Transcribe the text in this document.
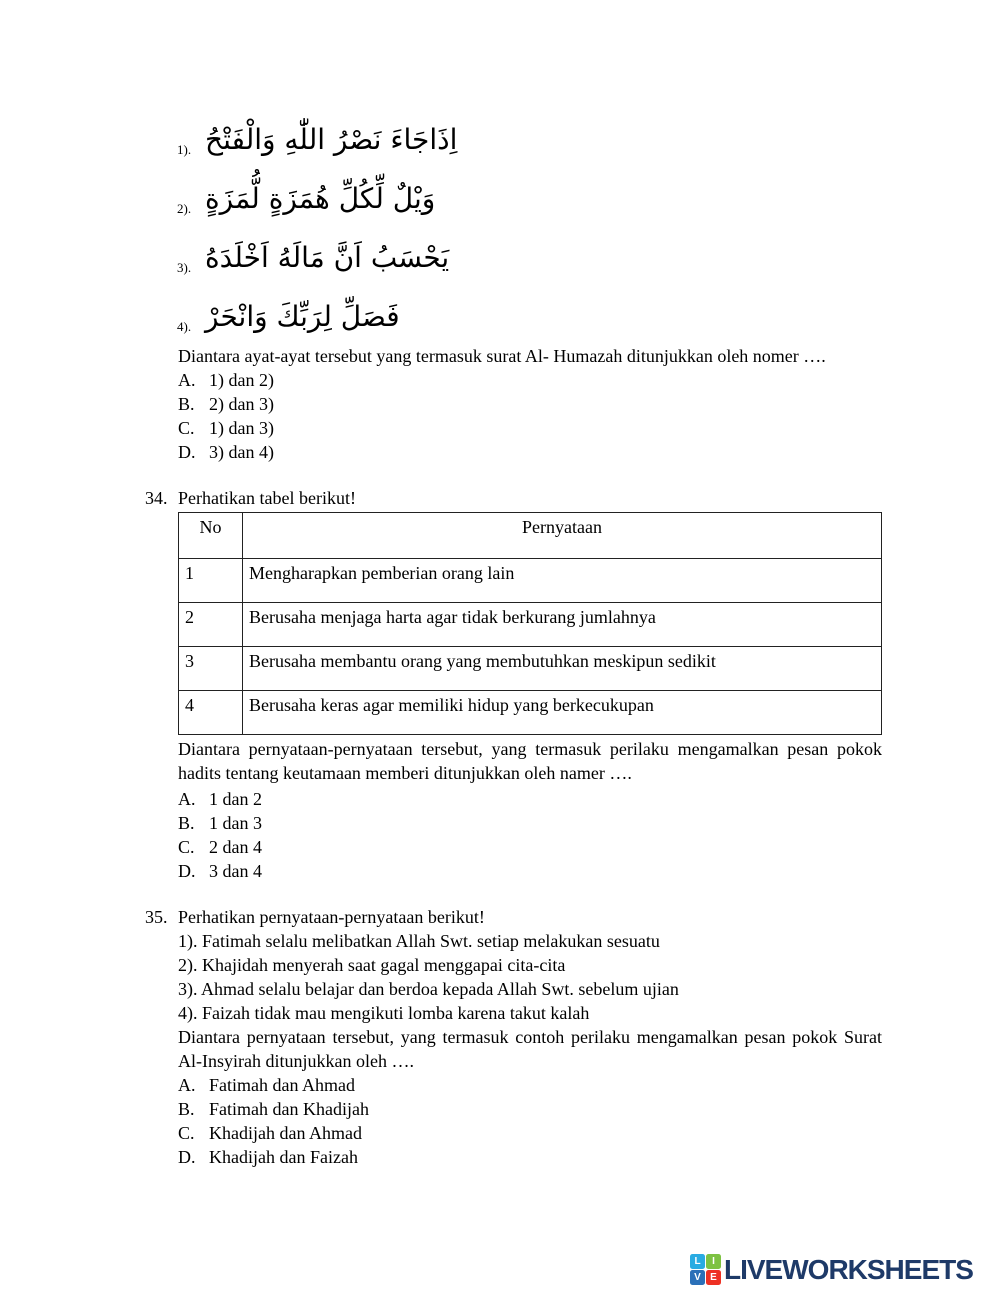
1). اِذَاجَاءَ نَصْرُ اللّٰهِ وَالْفَتْحُ
2). وَيْلٌ لِّكُلِّ هُمَزَةٍ لُّمَزَةٍ
3). يَحْسَبُ اَنَّ مَالَهُ اَخْلَدَهُ
4). فَصَلِّ لِرَبِّكَ وَانْحَرْ
Diantara ayat-ayat tersebut yang termasuk surat Al- Humazah ditunjukkan oleh nomer ….
A. 1) dan 2)
B. 2) dan 3)
C. 1) dan 3)
D. 3) dan 4)
34. Perhatikan tabel berikut!
No	Pernyataan
1	Mengharapkan pemberian orang lain
2	Berusaha menjaga harta agar tidak berkurang jumlahnya
3	Berusaha membantu orang yang membutuhkan meskipun sedikit
4	Berusaha keras agar memiliki hidup yang berkecukupan
Diantara pernyataan-pernyataan tersebut, yang termasuk perilaku mengamalkan pesan pokok hadits tentang keutamaan memberi ditunjukkan oleh namer ….
A. 1 dan 2
B. 1 dan 3
C. 2 dan 4
D. 3 dan 4
35. Perhatikan pernyataan-pernyataan berikut!
1). Fatimah selalu melibatkan Allah Swt. setiap melakukan sesuatu
2). Khajidah menyerah saat gagal menggapai cita-cita
3). Ahmad selalu belajar dan berdoa kepada Allah Swt. sebelum ujian
4). Faizah tidak mau mengikuti lomba karena takut kalah
Diantara pernyataan tersebut, yang termasuk contoh perilaku mengamalkan pesan pokok Surat Al-Insyirah ditunjukkan oleh ….
A. Fatimah dan Ahmad
B. Fatimah dan Khadijah
C. Khadijah dan Ahmad
D. Khadijah dan Faizah
L	I
V E LIVEWORKSHEETS
